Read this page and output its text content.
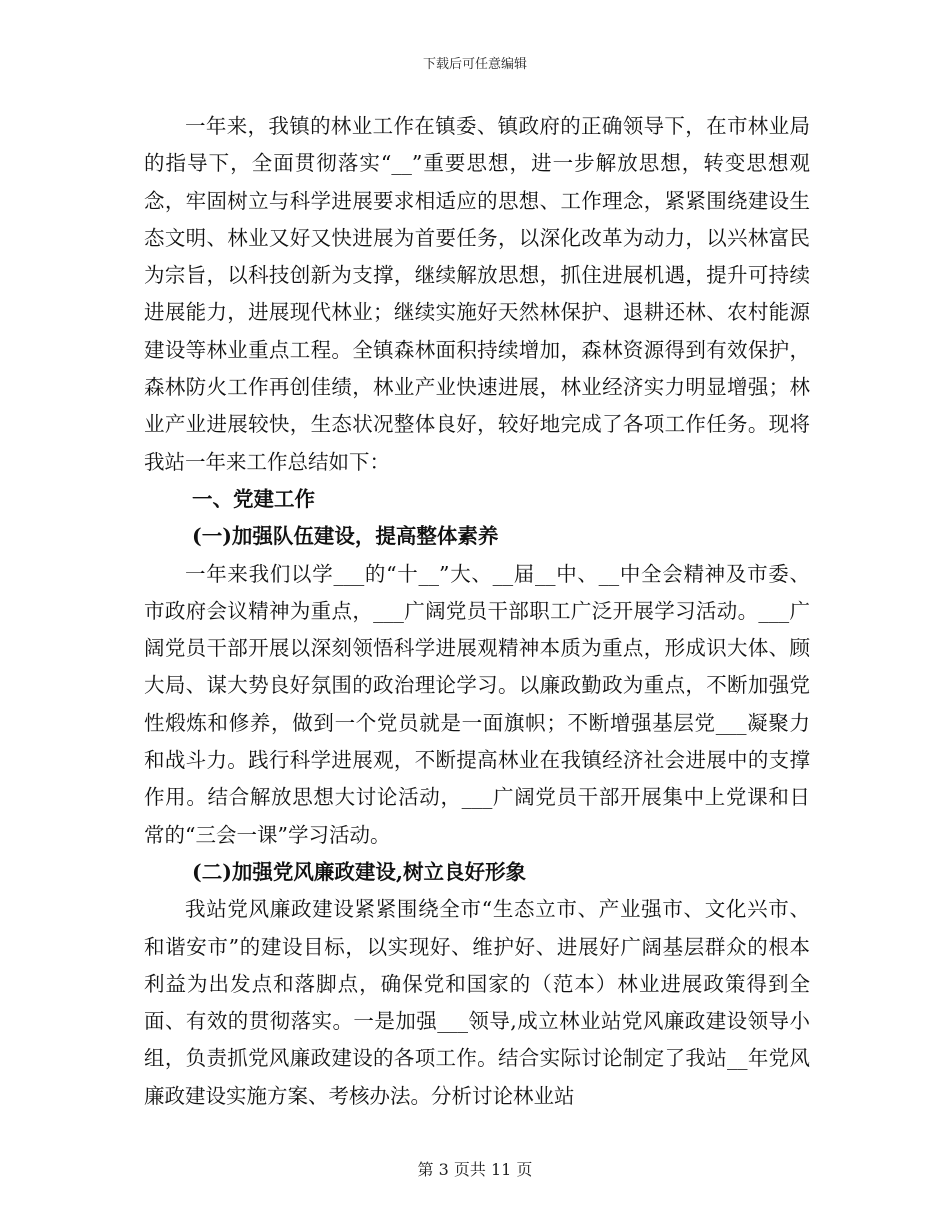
下载后可任意编辑

一年来，我镇的林业工作在镇委、镇政府的正确领导下，在市林业局的指导下，全面贯彻落实“__”重要思想，进一步解放思想，转变思想观念，牢固树立与科学进展要求相适应的思想、工作理念，紧紧围绕建设生态文明、林业又好又快进展为首要任务，以深化改革为动力，以兴林富民为宗旨，以科技创新为支撑，继续解放思想，抓住进展机遇，提升可持续进展能力，进展现代林业；继续实施好天然林保护、退耕还林、农村能源建设等林业重点工程。全镇森林面积持续增加，森林资源得到有效保护，森林防火工作再创佳绩，林业产业快速进展，林业经济实力明显增强；林业产业进展较快，生态状况整体良好，较好地完成了各项工作任务。现将我站一年来工作总结如下：

一、党建工作

(一)加强队伍建设，提高整体素养

一年来我们以学___的“十__”大、__届__中、__中全会精神及市委、市政府会议精神为重点，___广阔党员干部职工广泛开展学习活动。___广阔党员干部开展以深刻领悟科学进展观精神本质为重点，形成识大体、顾大局、谋大势良好氛围的政治理论学习。以廉政勤政为重点，不断加强党性煅炼和修养，做到一个党员就是一面旗帜；不断增强基层党___凝聚力和战斗力。践行科学进展观，不断提高林业在我镇经济社会进展中的支撑作用。结合解放思想大讨论活动，___广阔党员干部开展集中上党课和日常的“三会一课”学习活动。

(二)加强党风廉政建设,树立良好形象

我站党风廉政建设紧紧围绕全市“生态立市、产业强市、文化兴市、和谐安市”的建设目标，以实现好、维护好、进展好广阔基层群众的根本利益为出发点和落脚点，确保党和国家的（范本）林业进展政策得到全面、有效的贯彻落实。一是加强___领导,成立林业站党风廉政建设领导小组，负责抓党风廉政建设的各项工作。结合实际讨论制定了我站__年党风廉政建设实施方案、考核办法。分析讨论林业站

第 3 页共 11 页
